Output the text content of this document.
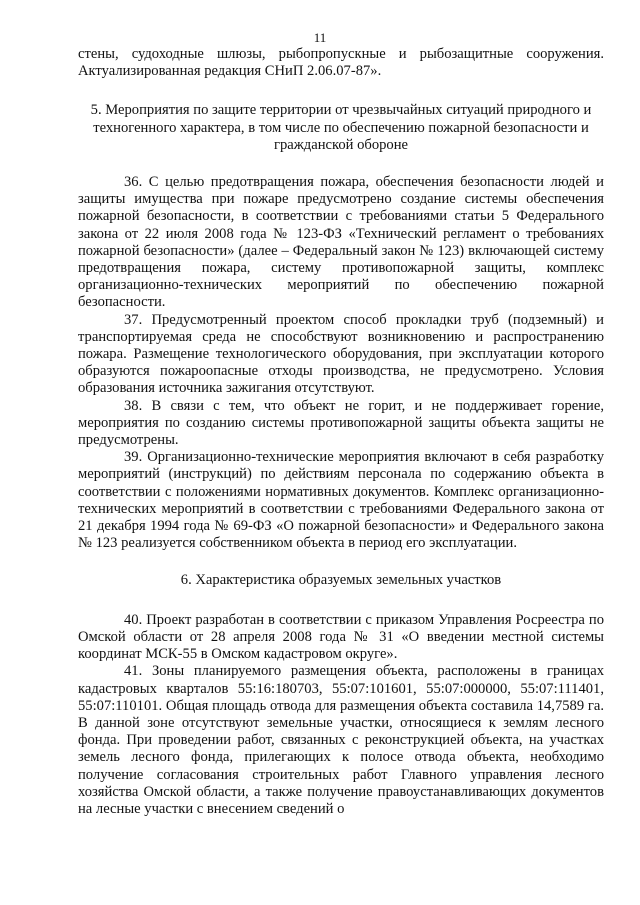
11

стены, судоходные шлюзы, рыбопропускные и рыбозащитные сооружения. Актуализированная редакция СНиП 2.06.07-87».

5. Мероприятия по защите территории от чрезвычайных ситуаций природного и техногенного характера, в том числе по обеспечению пожарной безопасности и гражданской обороне

36. С целью предотвращения пожара, обеспечения безопасности людей и защиты имущества при пожаре предусмотрено создание системы обеспечения пожарной безопасности, в соответствии с требованиями статьи 5 Федерального закона от 22 июля 2008 года № 123-ФЗ «Технический регламент о требованиях пожарной безопасности» (далее – Федеральный закон № 123) включающей систему предотвращения пожара, систему противопожарной защиты, комплекс организационно-технических мероприятий по обеспечению пожарной безопасности.

37. Предусмотренный проектом способ прокладки труб (подземный) и транспортируемая среда не способствуют возникновению и распространению пожара. Размещение технологического оборудования, при эксплуатации которого образуются пожароопасные отходы производства, не предусмотрено. Условия образования источника зажигания отсутствуют.

38. В связи с тем, что объект не горит, и не поддерживает горение, мероприятия по созданию системы противопожарной защиты объекта защиты не предусмотрены.

39. Организационно-технические мероприятия включают в себя разработку мероприятий (инструкций) по действиям персонала по содержанию объекта в соответствии с положениями нормативных документов. Комплекс организационно-технических мероприятий в соответствии с требованиями Федерального закона от 21 декабря 1994 года № 69-ФЗ «О пожарной безопасности» и Федерального закона № 123 реализуется собственником объекта в период его эксплуатации.

6. Характеристика образуемых земельных участков

40. Проект разработан в соответствии с приказом Управления Росреестра по Омской области от 28 апреля 2008 года № 31 «О введении местной системы координат МСК-55 в Омском кадастровом округе».

41. Зоны планируемого размещения объекта, расположены в границах кадастровых кварталов 55:16:180703, 55:07:101601, 55:07:000000, 55:07:111401, 55:07:110101. Общая площадь отвода для размещения объекта составила 14,7589 га. В данной зоне отсутствуют земельные участки, относящиеся к землям лесного фонда. При проведении работ, связанных с реконструкцией объекта, на участках земель лесного фонда, прилегающих к полосе отвода объекта, необходимо получение согласования строительных работ Главного управления лесного хозяйства Омской области, а также получение правоустанавливающих документов на лесные участки с внесением сведений о
